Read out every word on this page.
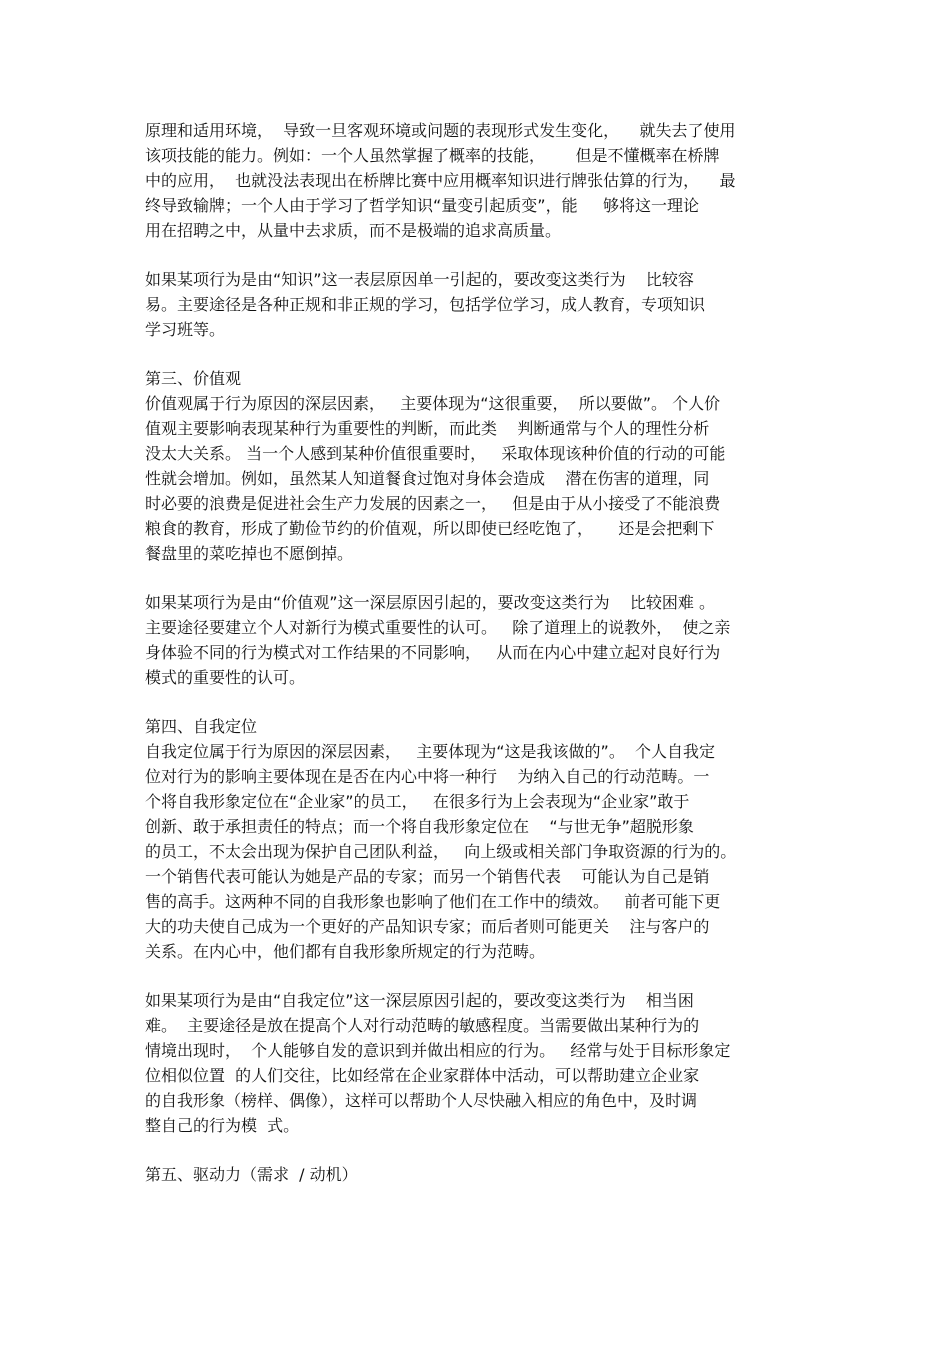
原理和适用环境，  导致一旦客观环境或问题的表现形式发生变化，    就失去了使用
该项技能的能力。例如：一个人虽然掌握了概率的技能，      但是不懂概率在桥牌
中的应用，  也就没法表现出在桥牌比赛中应用概率知识进行牌张估算的行为，    最
终导致输牌；一个人由于学习了哲学知识“量变引起质变”，能     够将这一理论
用在招聘之中，从量中去求质，而不是极端的追求高质量。
如果某项行为是由“知识”这一表层原因单一引起的，要改变这类行为    比较容
易。主要途径是各种正规和非正规的学习，包括学位学习，成人教育，专项知识
学习班等。
第三、价值观
价值观属于行为原因的深层因素，   主要体现为“这很重要，  所以要做”。 个人价
值观主要影响表现某种行为重要性的判断，而此类    判断通常与个人的理性分析
没太大关系。 当一个人感到某种价值很重要时，   采取体现该种价值的行动的可能
性就会增加。例如，虽然某人知道餐食过饱对身体会造成    潜在伤害的道理，同
时必要的浪费是促进社会生产力发展的因素之一，   但是由于从小接受了不能浪费
粮食的教育，形成了勤俭节约的价值观，所以即使已经吃饱了，     还是会把剩下
餐盘里的菜吃掉也不愿倒掉。
如果某项行为是由“价值观”这一深层原因引起的，要改变这类行为    比较困难 。
主要途径要建立个人对新行为模式重要性的认可。   除了道理上的说教外，  使之亲
身体验不同的行为模式对工作结果的不同影响，   从而在内心中建立起对良好行为
模式的重要性的认可。
第四、自我定位
自我定位属于行为原因的深层因素，   主要体现为“这是我该做的”。  个人自我定
位对行为的影响主要体现在是否在内心中将一种行    为纳入自己的行动范畴。一
个将自我形象定位在“企业家”的员工，   在很多行为上会表现为“企业家”敢于
创新、敢于承担责任的特点；而一个将自我形象定位在    “与世无争”超脱形象
的员工，不太会出现为保护自己团队利益，   向上级或相关部门争取资源的行为的。
一个销售代表可能认为她是产品的专家；而另一个销售代表    可能认为自己是销
售的高手。这两种不同的自我形象也影响了他们在工作中的绩效。   前者可能下更
大的功夫使自己成为一个更好的产品知识专家；而后者则可能更关    注与客户的
关系。在内心中，他们都有自我形象所规定的行为范畴。
如果某项行为是由“自我定位”这一深层原因引起的，要改变这类行为    相当困
难。  主要途径是放在提高个人对行动范畴的敏感程度。当需要做出某种行为的
情境出现时，  个人能够自发的意识到并做出相应的行为。   经常与处于目标形象定
位相似位置  的人们交往，比如经常在企业家群体中活动，可以帮助建立企业家
的自我形象（榜样、偶像），这样可以帮助个人尽快融入相应的角色中，及时调
整自己的行为模  式。
第五、驱动力（需求  / 动机）
